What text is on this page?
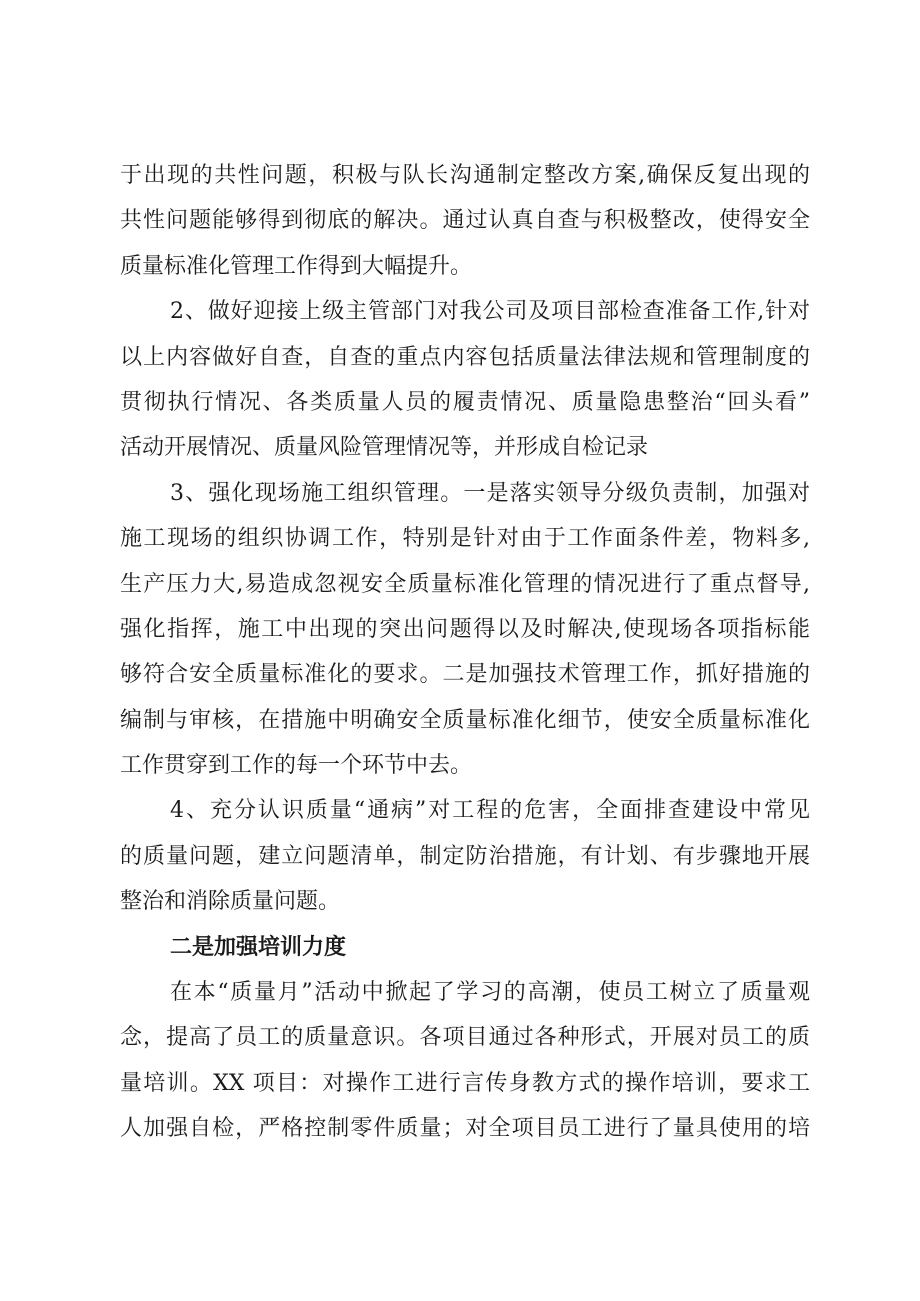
于出现的共性问题，积极与队长沟通制定整改方案,确保反复出现的
共性问题能够得到彻底的解决。通过认真自查与积极整改，使得安全
质量标准化管理工作得到大幅提升。
2、做好迎接上级主管部门对我公司及项目部检查准备工作,针对
以上内容做好自查，自查的重点内容包括质量法律法规和管理制度的
贯彻执行情况、各类质量人员的履责情况、质量隐患整治“回头看”
活动开展情况、质量风险管理情况等，并形成自检记录
3、强化现场施工组织管理。一是落实领导分级负责制，加强对
施工现场的组织协调工作，特别是针对由于工作面条件差，物料多,
生产压力大,易造成忽视安全质量标准化管理的情况进行了重点督导,
强化指挥，施工中出现的突出问题得以及时解决,使现场各项指标能
够符合安全质量标准化的要求。二是加强技术管理工作，抓好措施的
编制与审核，在措施中明确安全质量标准化细节，使安全质量标准化
工作贯穿到工作的每一个环节中去。
4、充分认识质量“通病”对工程的危害，全面排查建设中常见
的质量问题，建立问题清单，制定防治措施，有计划、有步骤地开展
整治和消除质量问题。
二是加强培训力度
在本“质量月”活动中掀起了学习的高潮，使员工树立了质量观
念，提高了员工的质量意识。各项目通过各种形式，开展对员工的质
量培训。XX 项目：对操作工进行言传身教方式的操作培训，要求工
人加强自检，严格控制零件质量；对全项目员工进行了量具使用的培
